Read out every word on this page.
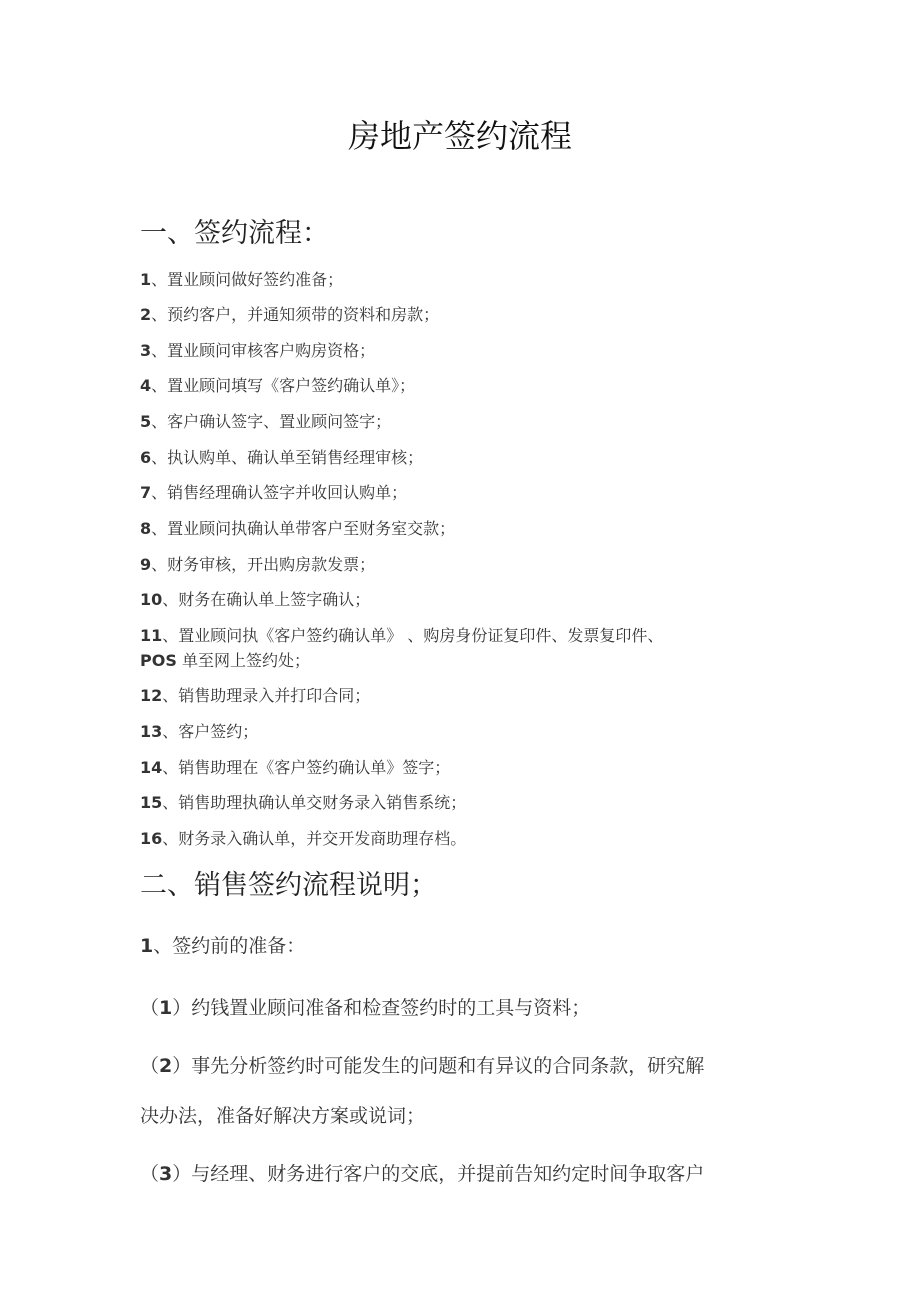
房地产签约流程
一、签约流程：
1、置业顾问做好签约准备；
2、预约客户，并通知须带的资料和房款；
3、置业顾问审核客户购房资格；
4、置业顾问填写《客户签约确认单》；
5、客户确认签字、置业顾问签字；
6、执认购单、确认单至销售经理审核；
7、销售经理确认签字并收回认购单；
8、置业顾问执确认单带客户至财务室交款；
9、财务审核，开出购房款发票；
10、财务在确认单上签字确认；
11、置业顾问执《客户签约确认单》 、购房身份证复印件、发票复印件、
POS 单至网上签约处；
12、销售助理录入并打印合同；
13、客户签约；
14、销售助理在《客户签约确认单》签字；
15、销售助理执确认单交财务录入销售系统；
16、财务录入确认单，并交开发商助理存档。
二、销售签约流程说明；
1、签约前的准备：
（1）约钱置业顾问准备和检查签约时的工具与资料；
（2）事先分析签约时可能发生的问题和有异议的合同条款，研究解
决办法，准备好解决方案或说词；
（3）与经理、财务进行客户的交底，并提前告知约定时间争取客户
